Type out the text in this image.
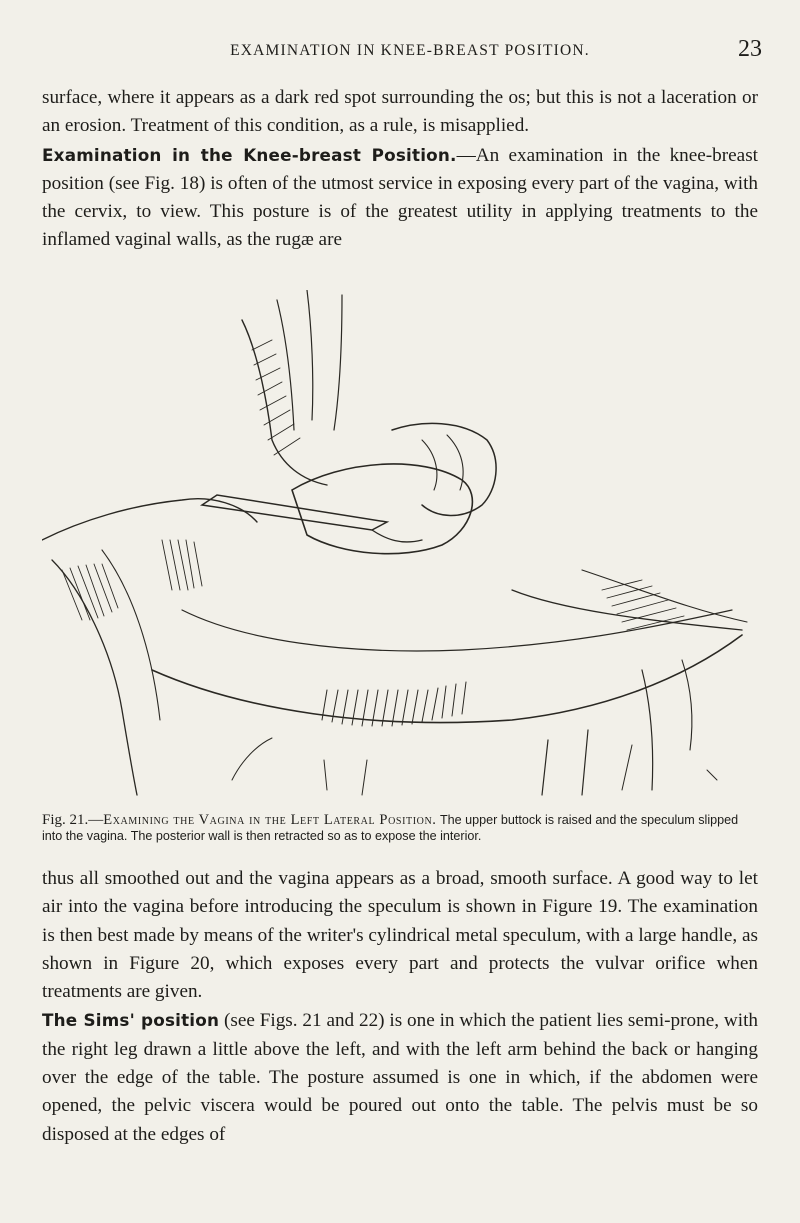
EXAMINATION IN KNEE-BREAST POSITION.	23

surface, where it appears as a dark red spot surrounding the os; but this is not a laceration or an erosion. Treatment of this condition, as a rule, is misapplied.

Examination in the Knee-breast Position.—An examination in the knee-breast position (see Fig. 18) is often of the utmost service in exposing every part of the vagina, with the cervix, to view. This posture is of the greatest utility in applying treatments to the inflamed vaginal walls, as the rugæ are

Fig. 21.—Examining the Vagina in the Left Lateral Position. The upper buttock is raised and the speculum slipped into the vagina. The posterior wall is then retracted so as to expose the interior.

thus all smoothed out and the vagina appears as a broad, smooth surface. A good way to let air into the vagina before introducing the speculum is shown in Figure 19. The examination is then best made by means of the writer's cylindrical metal speculum, with a large handle, as shown in Figure 20, which exposes every part and protects the vulvar orifice when treatments are given.

The Sims' position (see Figs. 21 and 22) is one in which the patient lies semi-prone, with the right leg drawn a little above the left, and with the left arm behind the back or hanging over the edge of the table. The posture assumed is one in which, if the abdomen were opened, the pelvic viscera would be poured out onto the table. The pelvis must be so disposed at the edges of
